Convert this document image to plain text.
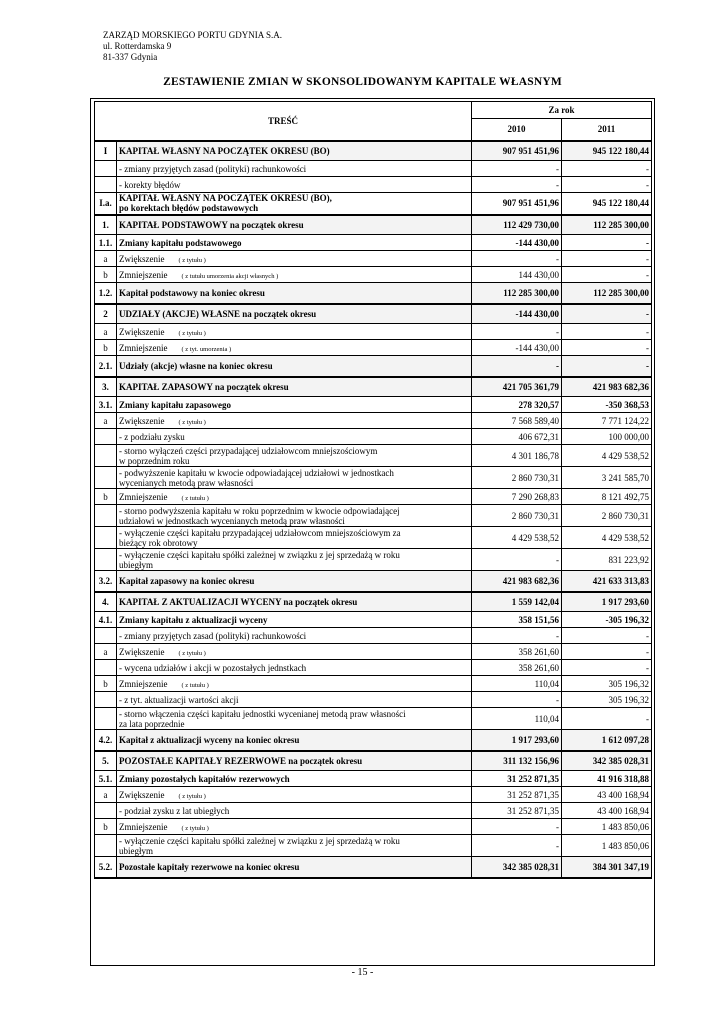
ZARZĄD MORSKIEGO PORTU GDYNIA S.A.
ul. Rotterdamska 9
81-337 Gdynia
ZESTAWIENIE ZMIAN W SKONSOLIDOWANYM KAPITALE WŁASNYM
TREŚĆ		Za rok	
		2010	2011
I	KAPITAŁ WŁASNY NA POCZĄTEK OKRESU (BO)	907 951 451,96	945 122 180,44
	- zmiany przyjętych zasad (polityki) rachunkowości	-	-
	- korekty błędów	-	-
I.a.	KAPITAŁ WŁASNY NA POCZĄTEK OKRESU (BO),
po korektach błędów podstawowych	907 951 451,96	945 122 180,44
1.	KAPITAŁ PODSTAWOWY na początek okresu	112 429 730,00	112 285 300,00
1.1.	Zmiany kapitału podstawowego	-144 430,00	-
a	Zwiększenie ( z tytułu )	-	-
b	Zmniejszenie ( z tutułu umorzenia akcji własnych )	144 430,00	-
1.2.	Kapitał podstawowy na koniec okresu	112 285 300,00	112 285 300,00
2	UDZIAŁY (AKCJE) WŁASNE na początek okresu	-144 430,00	-
a	Zwiększenie ( z tytułu )	-	-
b	Zmniejszenie ( z tyt. umorzenia )	-144 430,00	-
2.1.	Udziały (akcje) własne na koniec okresu	-	-
3.	KAPITAŁ ZAPASOWY na początek okresu	421 705 361,79	421 983 682,36
3.1.	Zmiany kapitału zapasowego	278 320,57	-350 368,53
a	Zwiększenie ( z tytułu )	7 568 589,40	7 771 124,22
	- z podziału zysku	406 672,31	100 000,00
	- storno wyłączeń części przypadającej udziałowcom mniejszościowym
w poprzednim roku	4 301 186,78	4 429 538,52
	- podwyższenie kapitału w kwocie odpowiadającej udziałowi w jednostkach
wycenianych metodą praw własności	2 860 730,31	3 241 585,70
b	Zmniejszenie ( z tutułu )	7 290 268,83	8 121 492,75
	- storno podwyższenia kapitału w roku poprzednim w kwocie odpowiadającej
udziałowi w jednostkach wycenianych metodą praw własności	2 860 730,31	2 860 730,31
	- wyłączenie części kapitału przypadającej udziałowcom mniejszościowym za
bieżący rok obrotowy	4 429 538,52	4 429 538,52
	- wyłączenie części kapitału spółki zależnej w związku z jej sprzedażą w roku
ubiegłym	-	831 223,92
3.2.	Kapitał zapasowy na koniec okresu	421 983 682,36	421 633 313,83
4.	KAPITAŁ Z AKTUALIZACJI WYCENY na początek okresu	1 559 142,04	1 917 293,60
4.1.	Zmiany kapitału z aktualizacji wyceny	358 151,56	-305 196,32
	- zmiany przyjętych zasad (polityki) rachunkowości	-	-
a	Zwiększenie ( z tytułu )	358 261,60	-
	- wycena udziałów i akcji w pozostałych jednstkach	358 261,60	-
b	Zmniejszenie ( z tutułu )	110,04	305 196,32
	- z tyt. aktualizacji wartości akcji	-	305 196,32
	- storno włączenia części kapitału jednostki wycenianej metodą praw własności
za lata poprzednie	110,04	-
4.2.	Kapitał z aktualizacji wyceny na koniec okresu	1 917 293,60	1 612 097,28
5.	POZOSTAŁE KAPITAŁY REZERWOWE na początek okresu	311 132 156,96	342 385 028,31
5.1.	Zmiany pozostałych kapitałów rezerwowych	31 252 871,35	41 916 318,88
a	Zwiększenie ( z tytułu )	31 252 871,35	43 400 168,94
	- podział zysku z lat ubiegłych	31 252 871,35	43 400 168,94
b	Zmniejszenie ( z tytułu )	-	1 483 850,06
	- wyłączenie części kapitału spółki zależnej w związku z jej sprzedażą w roku
ubiegłym	-	1 483 850,06
5.2.	Pozostałe kapitały rezerwowe na koniec okresu	342 385 028,31	384 301 347,19
- 15 -
